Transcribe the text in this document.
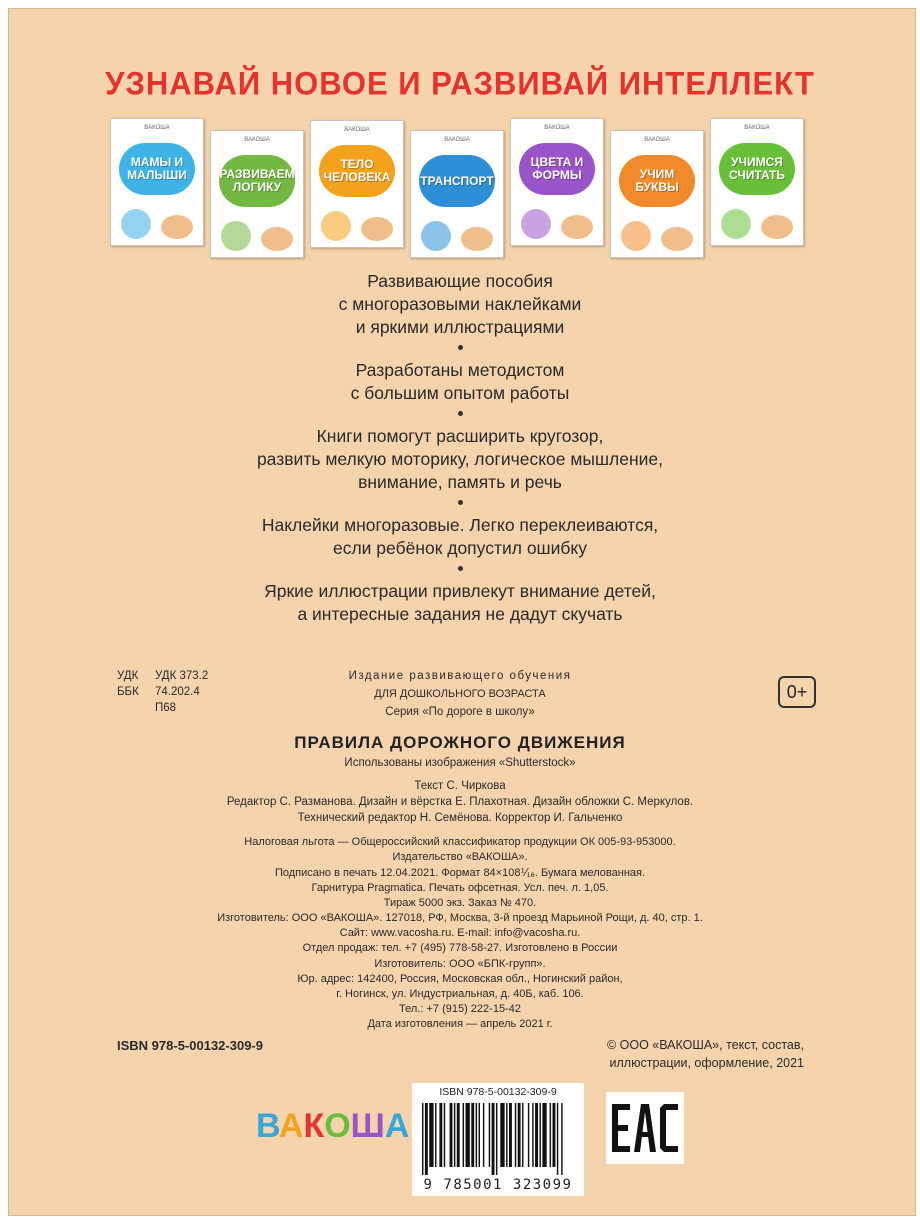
УЗНАВАЙ НОВОЕ И РАЗВИВАЙ ИНТЕЛЛЕКТ
ВАКОША
МАМЫ И МАЛЫШИ
ВАКОША
РАЗВИВАЕМ ЛОГИКУ
ВАКОША
ТЕЛО ЧЕЛОВЕКА
ВАКОША
ТРАНСПОРТ
ВАКОША
ЦВЕТА И ФОРМЫ
ВАКОША
УЧИМ БУКВЫ
ВАКОША
УЧИМСЯ СЧИТАТЬ
Развивающие пособия
с многоразовыми наклейками
и яркими иллюстрациями
Разработаны методистом
с большим опытом работы
Книги помогут расширить кругозор,
развить мелкую моторику, логическое мышление,
внимание, память и речь
Наклейки многоразовые. Легко переклеиваются,
если ребёнок допустил ошибку
Яркие иллюстрации привлекут внимание детей,
а интересные задания не дадут скучать
УДК УДК 373.2
ББК 74.202.4
П68
Издание развивающего обучения
ДЛЯ ДОШКОЛЬНОГО ВОЗРАСТА
Серия «По дороге в школу»
0+
ПРАВИЛА ДОРОЖНОГО ДВИЖЕНИЯ
Использованы изображения «Shutterstock»
Текст С. Чиркова
Редактор С. Разманова. Дизайн и вёрстка Е. Плахотная. Дизайн обложки С. Меркулов.
Технический редактор Н. Семёнова. Корректор И. Гальченко
Налоговая льгота — Общероссийский классификатор продукции ОК 005-93-953000.
Издательство «ВАКОША».
Подписано в печать 12.04.2021. Формат 84×108⅟₁₆. Бумага мелованная.
Гарнитура Pragmatica. Печать офсетная. Усл. печ. л. 1,05.
Тираж 5000 экз. Заказ № 470.
Изготовитель: ООО «ВАКОША». 127018, РФ, Москва, 3-й проезд Марьиной Рощи, д. 40, стр. 1.
Сайт: www.vacosha.ru. E-mail: info@vacosha.ru.
Отдел продаж: тел. +7 (495) 778-58-27. Изготовлено в России
Изготовитель: ООО «БПК-групп».
Юр. адрес: 142400, Россия, Московская обл., Ногинский район,
г. Ногинск, ул. Индустриальная, д. 40Б, каб. 106.
Тел.: +7 (915) 222-15-42
Дата изготовления — апрель 2021 г.
ISBN 978-5-00132-309-9	© ООО «ВАКОША», текст, состав,
иллюстрации, оформление, 2021
ВАКОША
ISBN 978-5-00132-309-9
9 785001 323099
